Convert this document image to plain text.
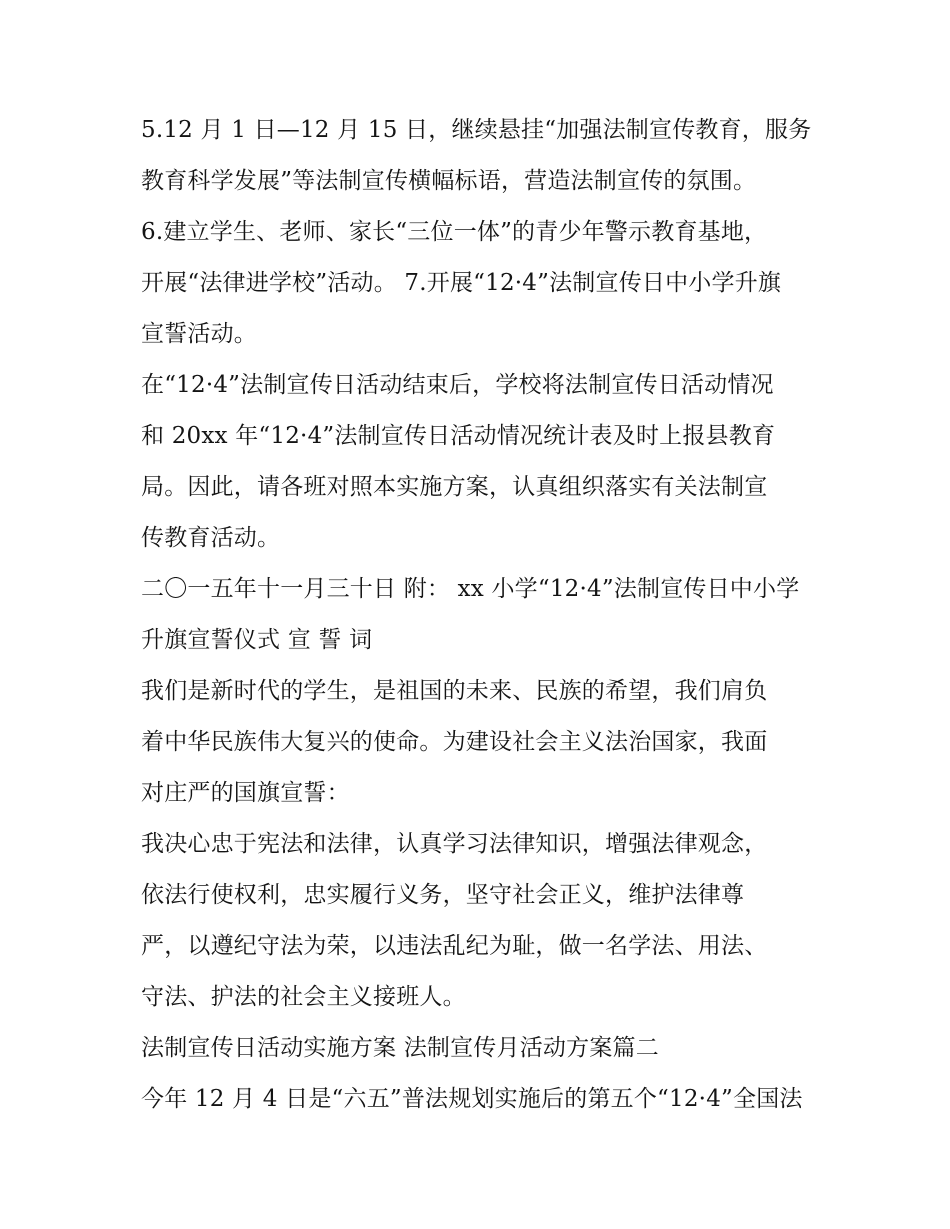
5.12 月 1 日—12 月 15 日，继续悬挂“加强法制宣传教育，服务
教育科学发展”等法制宣传横幅标语，营造法制宣传的氛围。
6.建立学生、老师、家长“三位一体”的青少年警示教育基地，
开展“法律进学校”活动。 7.开展“12·4”法制宣传日中小学升旗
宣誓活动。
在“12·4”法制宣传日活动结束后，学校将法制宣传日活动情况
和 20xx 年“12·4”法制宣传日活动情况统计表及时上报县教育
局。因此，请各班对照本实施方案，认真组织落实有关法制宣
传教育活动。
二〇一五年十一月三十日 附： xx 小学“12·4”法制宣传日中小学
升旗宣誓仪式 宣 誓 词
我们是新时代的学生，是祖国的未来、民族的希望，我们肩负
着中华民族伟大复兴的使命。为建设社会主义法治国家，我面
对庄严的国旗宣誓：
我决心忠于宪法和法律，认真学习法律知识，增强法律观念，
依法行使权利，忠实履行义务，坚守社会正义，维护法律尊
严，以遵纪守法为荣，以违法乱纪为耻，做一名学法、用法、
守法、护法的社会主义接班人。
法制宣传日活动实施方案 法制宣传月活动方案篇二
今年 12 月 4 日是“六五”普法规划实施后的第五个“12·4”全国法
